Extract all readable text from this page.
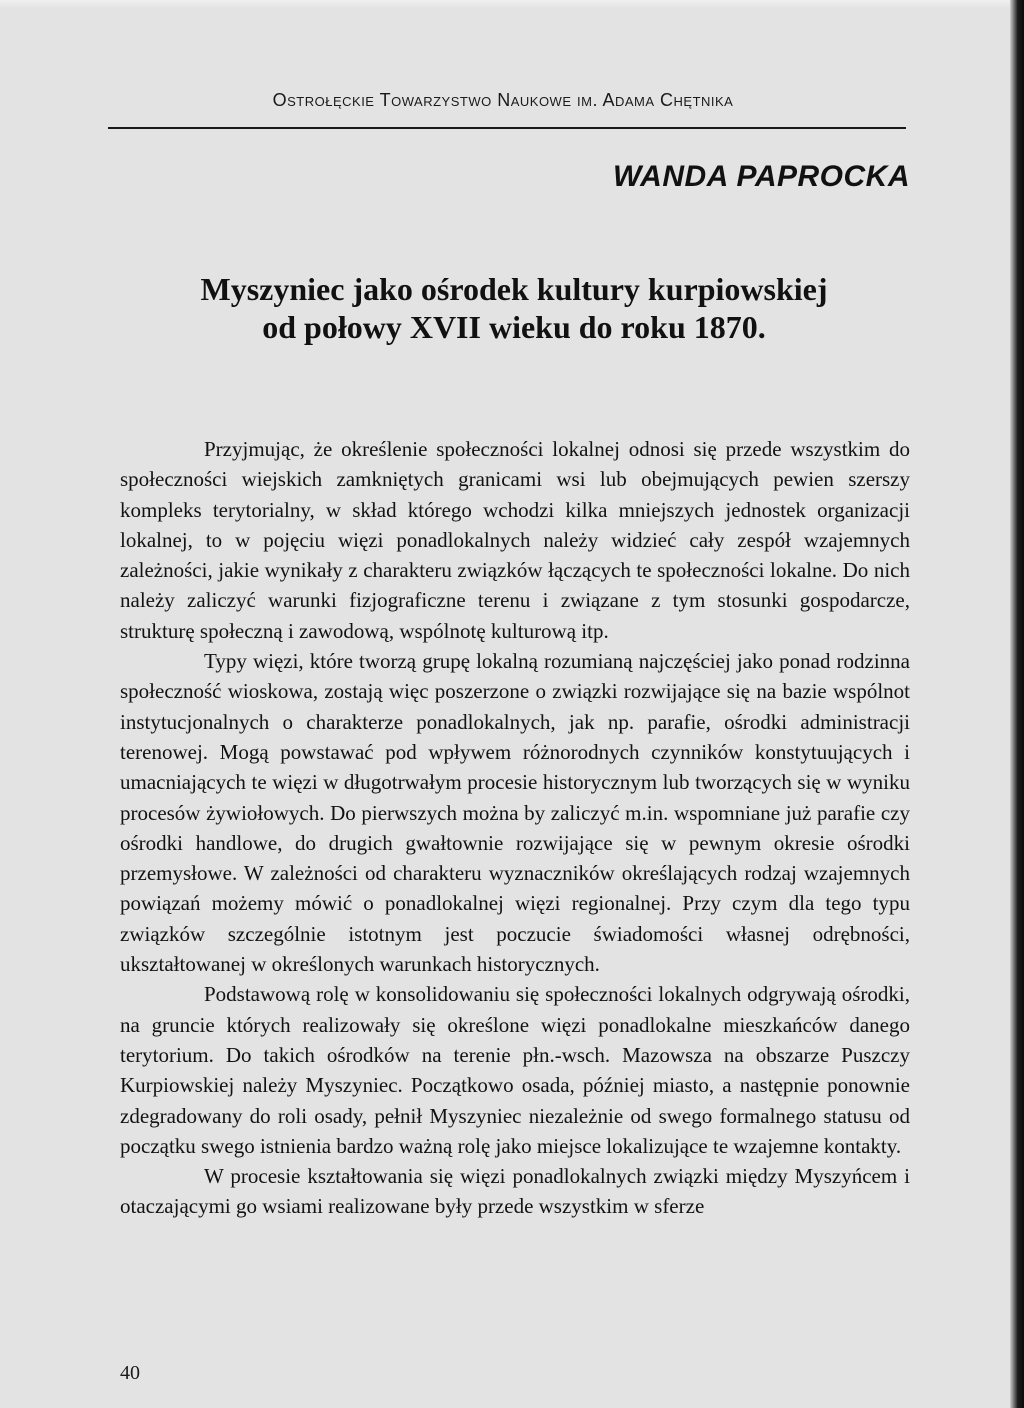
Ostrołęckie Towarzystwo Naukowe im. Adama Chętnika
WANDA PAPROCKA
Myszyniec jako ośrodek kultury kurpiowskiej
od połowy XVII wieku do roku 1870.

Przyjmując, że określenie społeczności lokalnej odnosi się przede wszystkim do społeczności wiejskich zamkniętych granicami wsi lub obejmujących pewien szerszy kompleks terytorialny, w skład którego wchodzi kilka mniejszych jednostek organizacji lokalnej, to w pojęciu więzi ponadlokalnych należy widzieć cały zespół wzajemnych zależności, jakie wynikały z charakteru związków łączących te społeczności lokalne. Do nich należy zaliczyć warunki fizjograficzne terenu i związane z tym stosunki gospodarcze, strukturę społeczną i zawodową, wspólnotę kulturową itp.

Typy więzi, które tworzą grupę lokalną rozumianą najczęściej jako ponad rodzinna społeczność wioskowa, zostają więc poszerzone o związki rozwijające się na bazie wspólnot instytucjonalnych o charakterze ponadlokalnych, jak np. parafie, ośrodki administracji terenowej. Mogą powstawać pod wpływem różnorodnych czynników konstytuujących i umacniających te więzi w długotrwałym procesie historycznym lub tworzących się w wyniku procesów żywiołowych. Do pierwszych można by zaliczyć m.in. wspomniane już parafie czy ośrodki handlowe, do drugich gwałtownie rozwijające się w pewnym okresie ośrodki przemysłowe. W zależności od charakteru wyznaczników określających rodzaj wzajemnych powiązań możemy mówić o ponadlokalnej więzi regionalnej. Przy czym dla tego typu związków szczególnie istotnym jest poczucie świadomości własnej odrębności, ukształtowanej w określonych warunkach historycznych.

Podstawową rolę w konsolidowaniu się społeczności lokalnych odgrywają ośrodki, na gruncie których realizowały się określone więzi ponadlokalne mieszkańców danego terytorium. Do takich ośrodków na terenie płn.-wsch. Mazowsza na obszarze Puszczy Kurpiowskiej należy Myszyniec. Początkowo osada, później miasto, a następnie ponownie zdegradowany do roli osady, pełnił Myszyniec niezależnie od swego formalnego statusu od początku swego istnienia bardzo ważną rolę jako miejsce lokalizujące te wzajemne kontakty.

W procesie kształtowania się więzi ponadlokalnych związki między Myszyńcem i otaczającymi go wsiami realizowane były przede wszystkim w sferze

40
